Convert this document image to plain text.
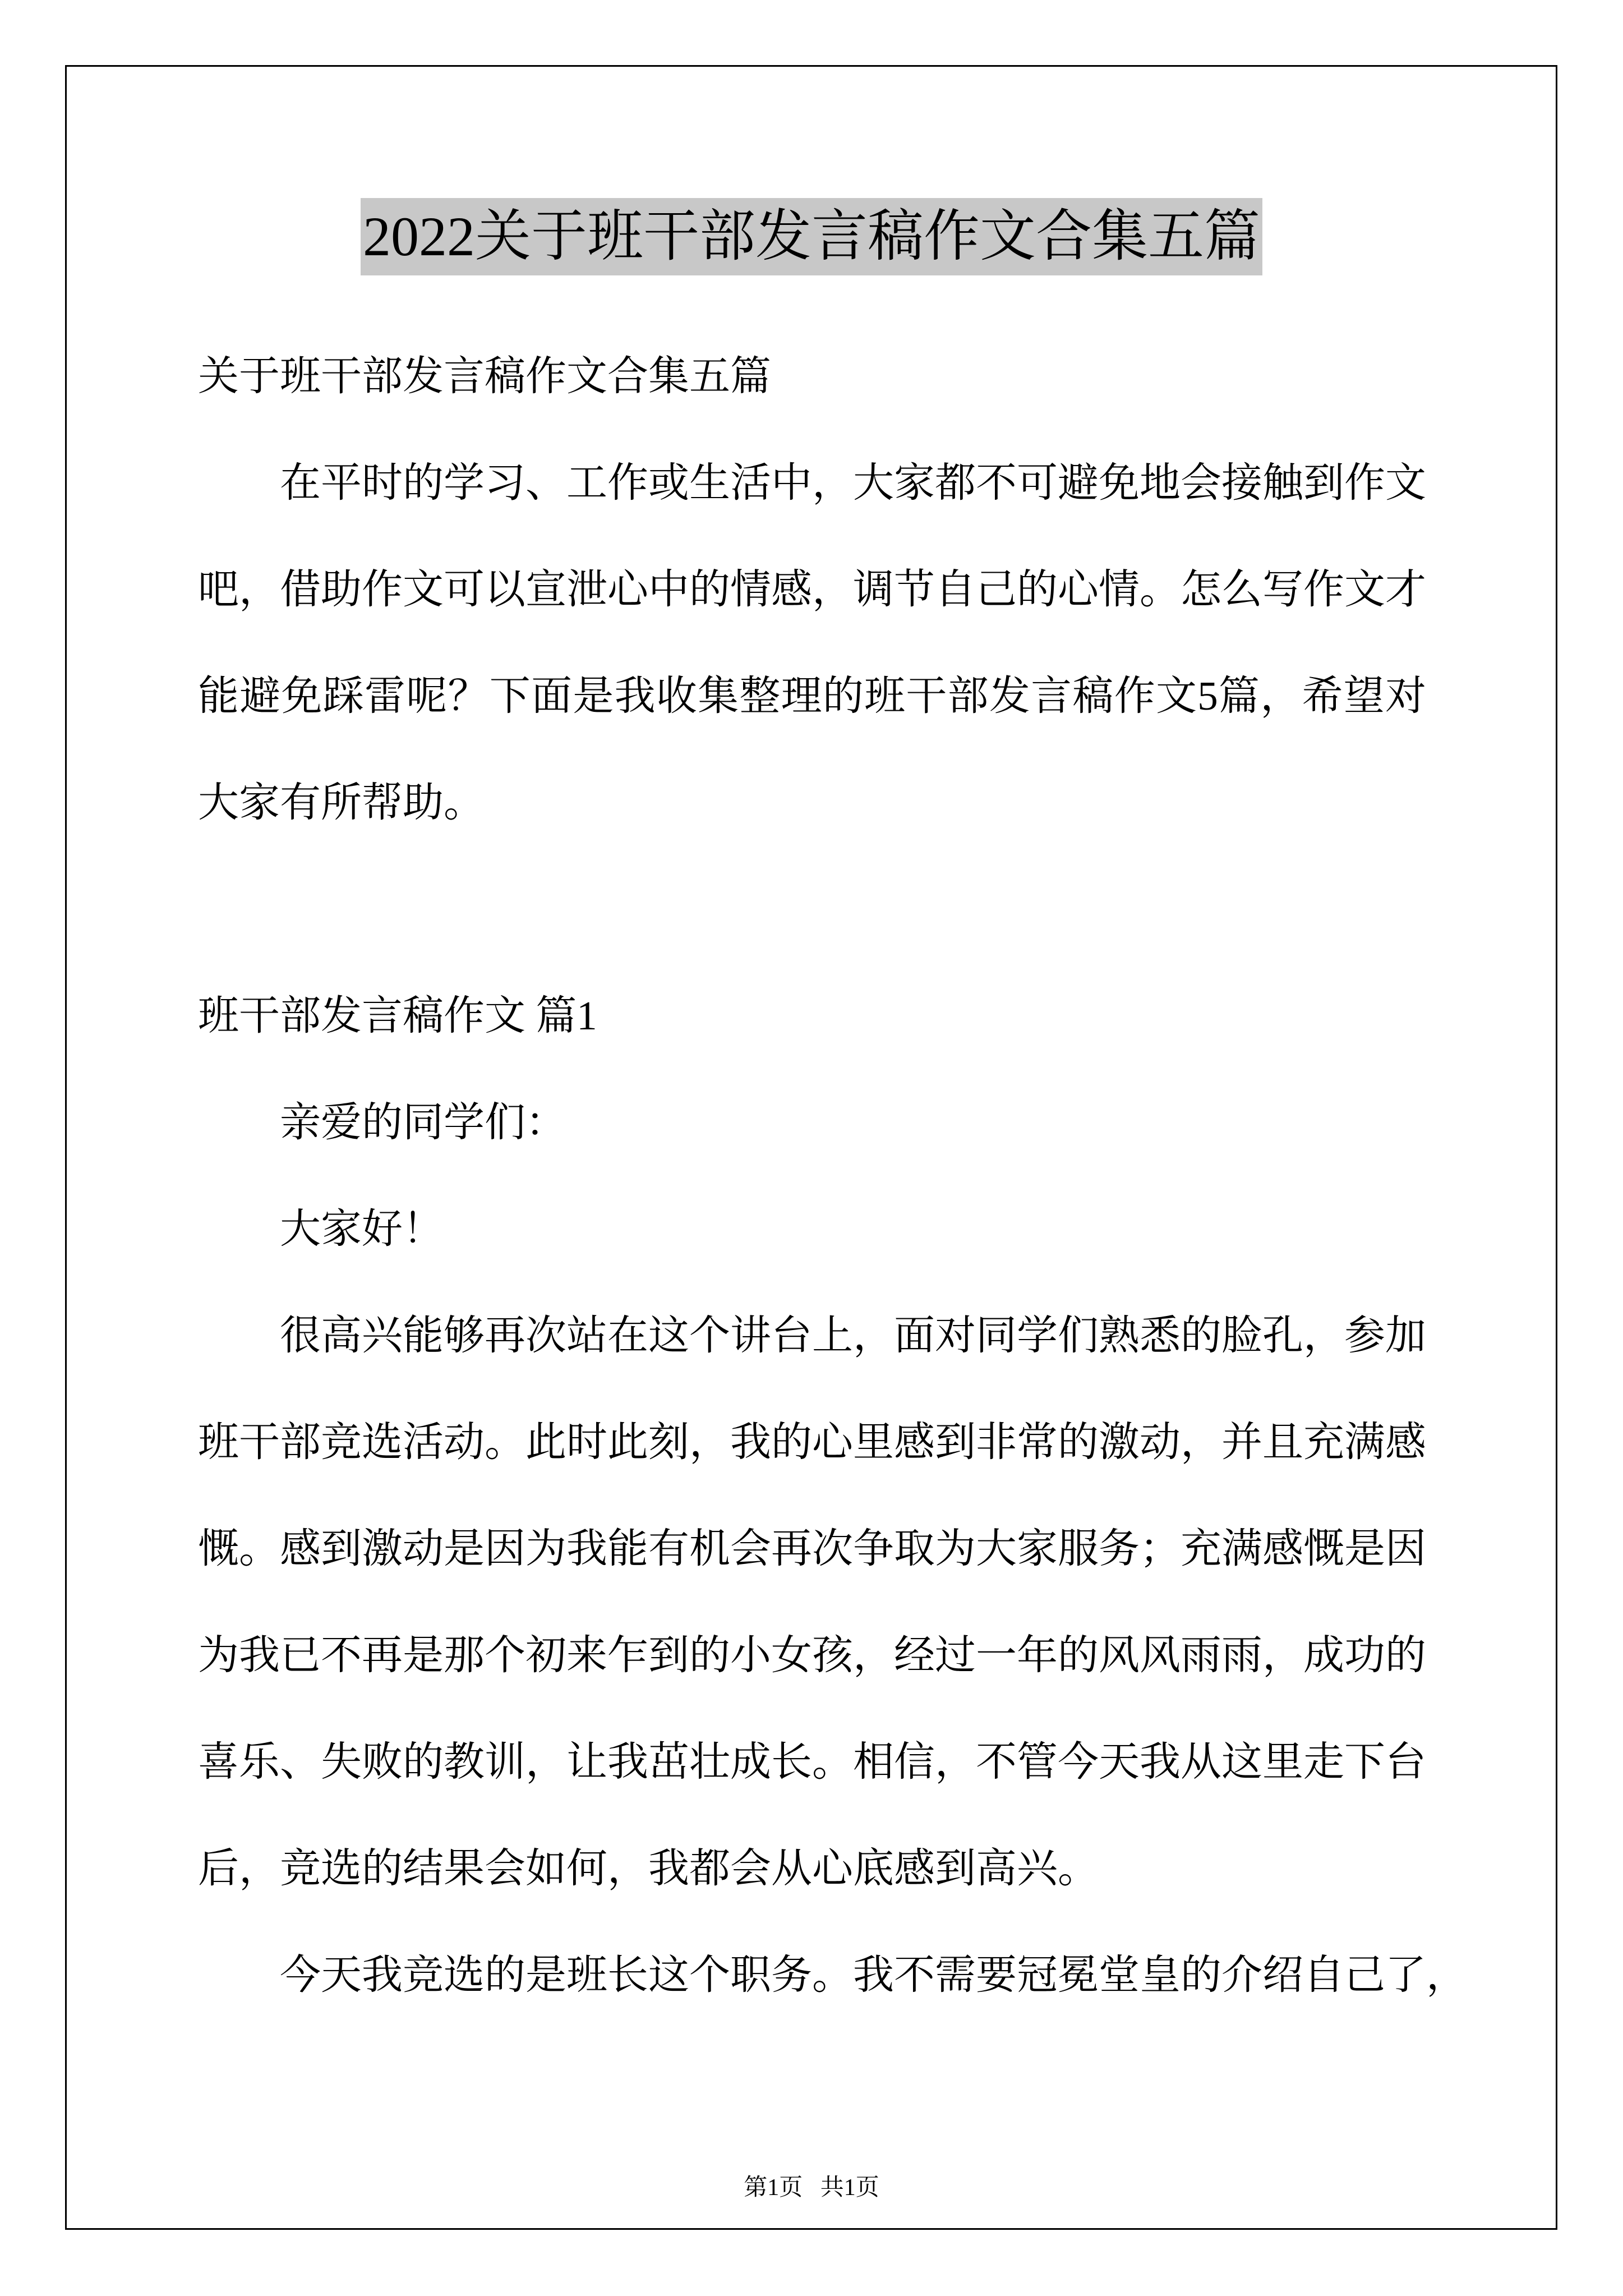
2022关于班干部发言稿作文合集五篇
关于班干部发言稿作文合集五篇
在平时的学习、工作或生活中，大家都不可避免地会接触到作文
吧，借助作文可以宣泄心中的情感，调节自己的心情。怎么写作文才
能避免踩雷呢？下面是我收集整理的班干部发言稿作文5篇，希望对
大家有所帮助。
班干部发言稿作文 篇1
亲爱的同学们：
大家好！
很高兴能够再次站在这个讲台上，面对同学们熟悉的脸孔，参加
班干部竞选活动。此时此刻，我的心里感到非常的激动，并且充满感
慨。感到激动是因为我能有机会再次争取为大家服务；充满感慨是因
为我已不再是那个初来乍到的小女孩，经过一年的风风雨雨，成功的
喜乐、失败的教训，让我茁壮成长。相信，不管今天我从这里走下台
后，竞选的结果会如何，我都会从心底感到高兴。
今天我竞选的是班长这个职务。我不需要冠冕堂皇的介绍自己了，
第1页   共1页
